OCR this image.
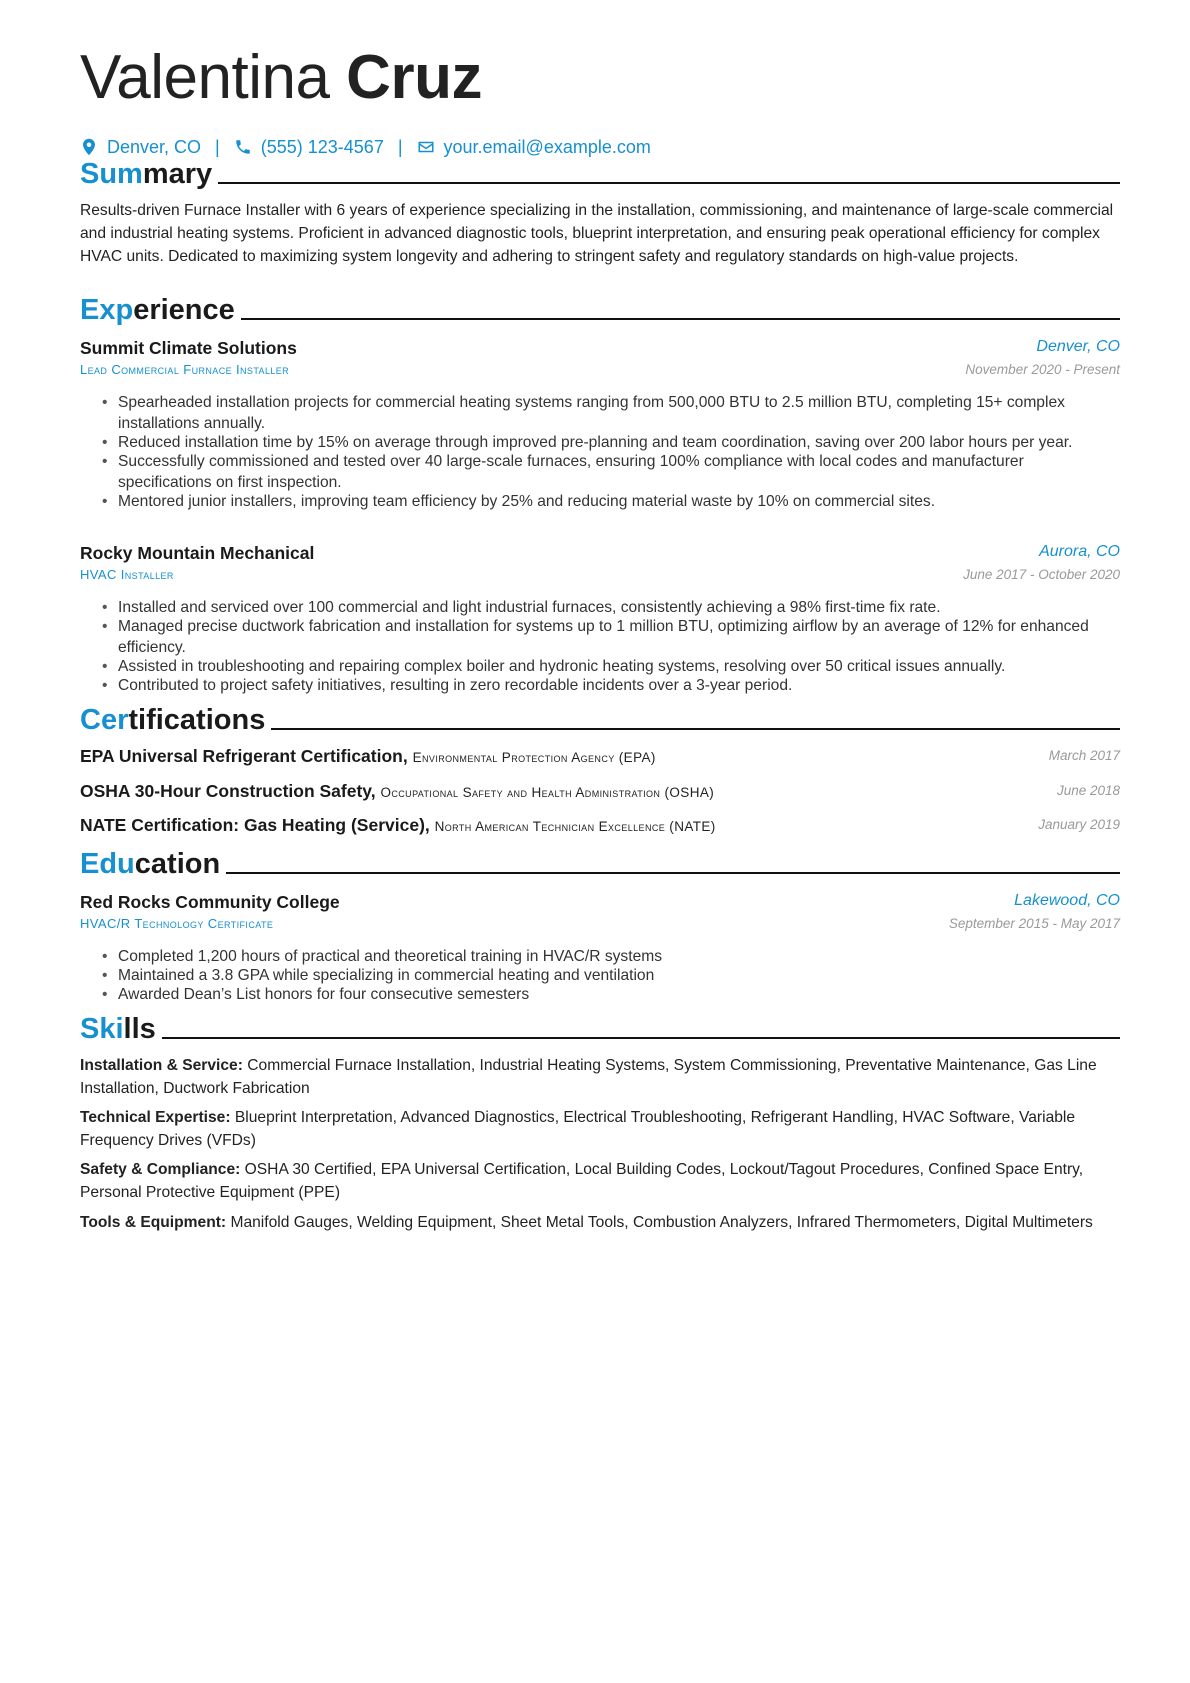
Valentina Cruz
Denver, CO | (555) 123-4567 | your.email@example.com
Summary

Results-driven Furnace Installer with 6 years of experience specializing in the installation, commissioning, and maintenance of large-scale commercial and industrial heating systems. Proficient in advanced diagnostic tools, blueprint interpretation, and ensuring peak operational efficiency for complex HVAC units. Dedicated to maximizing system longevity and adhering to stringent safety and regulatory standards on high-value projects.

Experience
Summit Climate Solutions	Denver, CO
Lead Commercial Furnace Installer	November 2020 - Present
• Spearheaded installation projects for commercial heating systems ranging from 500,000 BTU to 2.5 million BTU, completing 15+ complex installations annually.
• Reduced installation time by 15% on average through improved pre-planning and team coordination, saving over 200 labor hours per year.
• Successfully commissioned and tested over 40 large-scale furnaces, ensuring 100% compliance with local codes and manufacturer specifications on first inspection.
• Mentored junior installers, improving team efficiency by 25% and reducing material waste by 10% on commercial sites.
Rocky Mountain Mechanical	Aurora, CO
HVAC Installer	June 2017 - October 2020
• Installed and serviced over 100 commercial and light industrial furnaces, consistently achieving a 98% first-time fix rate.
• Managed precise ductwork fabrication and installation for systems up to 1 million BTU, optimizing airflow by an average of 12% for enhanced efficiency.
• Assisted in troubleshooting and repairing complex boiler and hydronic heating systems, resolving over 50 critical issues annually.
• Contributed to project safety initiatives, resulting in zero recordable incidents over a 3-year period.
Certifications
EPA Universal Refrigerant Certification, Environmental Protection Agency (EPA)	March 2017
OSHA 30-Hour Construction Safety, Occupational Safety and Health Administration (OSHA)	June 2018
NATE Certification: Gas Heating (Service), North American Technician Excellence (NATE)	January 2019
Education
Red Rocks Community College	Lakewood, CO
HVAC/R Technology Certificate	September 2015 - May 2017
• Completed 1,200 hours of practical and theoretical training in HVAC/R systems
• Maintained a 3.8 GPA while specializing in commercial heating and ventilation
• Awarded Dean’s List honors for four consecutive semesters
Skills

Installation & Service: Commercial Furnace Installation, Industrial Heating Systems, System Commissioning, Preventative Maintenance, Gas Line Installation, Ductwork Fabrication

Technical Expertise: Blueprint Interpretation, Advanced Diagnostics, Electrical Troubleshooting, Refrigerant Handling, HVAC Software, Variable Frequency Drives (VFDs)

Safety & Compliance: OSHA 30 Certified, EPA Universal Certification, Local Building Codes, Lockout/Tagout Procedures, Confined Space Entry, Personal Protective Equipment (PPE)

Tools & Equipment: Manifold Gauges, Welding Equipment, Sheet Metal Tools, Combustion Analyzers, Infrared Thermometers, Digital Multimeters
